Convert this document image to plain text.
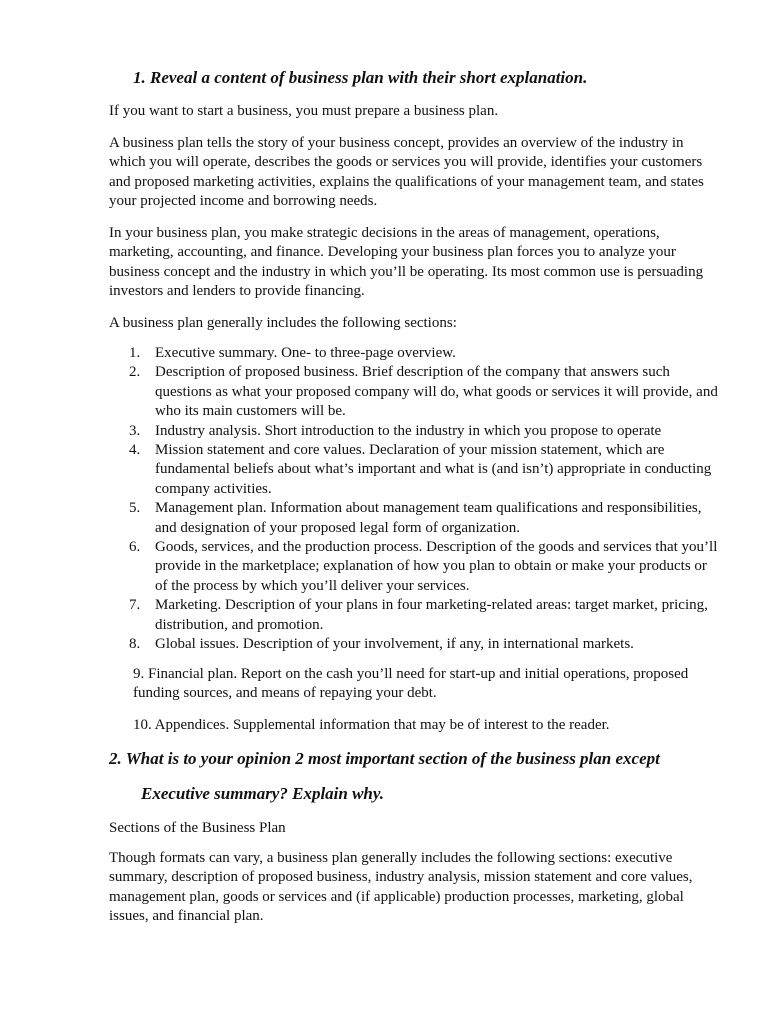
1. Reveal a content of business plan with their short explanation.

If you want to start a business, you must prepare a business plan.

A business plan tells the story of your business concept, provides an overview of the industry in which you will operate, describes the goods or services you will provide, identifies your customers and proposed marketing activities, explains the qualifications of your management team, and states your projected income and borrowing needs.

In your business plan, you make strategic decisions in the areas of management, operations, marketing, accounting, and finance. Developing your business plan forces you to analyze your business concept and the industry in which you’ll be operating. Its most common use is persuading investors and lenders to provide financing.

A business plan generally includes the following sections:

1. Executive summary. One- to three-page overview.
2. Description of proposed business. Brief description of the company that answers such questions as what your proposed company will do, what goods or services it will provide, and who its main customers will be.
3. Industry analysis. Short introduction to the industry in which you propose to operate
4. Mission statement and core values. Declaration of your mission statement, which are fundamental beliefs about what’s important and what is (and isn’t) appropriate in conducting company activities.
5. Management plan. Information about management team qualifications and responsibilities, and designation of your proposed legal form of organization.
6. Goods, services, and the production process. Description of the goods and services that you’ll provide in the marketplace; explanation of how you plan to obtain or make your products or of the process by which you’ll deliver your services.
7. Marketing. Description of your plans in four marketing-related areas: target market, pricing, distribution, and promotion.
8. Global issues. Description of your involvement, if any, in international markets.

9. Financial plan. Report on the cash you’ll need for start-up and initial operations, proposed funding sources, and means of repaying your debt.

10. Appendices. Supplemental information that may be of interest to the reader.

2. What is to your opinion 2 most important section of the business plan except

Executive summary? Explain why.

Sections of the Business Plan

Though formats can vary, a business plan generally includes the following sections: executive summary, description of proposed business, industry analysis, mission statement and core values, management plan, goods or services and (if applicable) production processes, marketing, global issues, and financial plan.
